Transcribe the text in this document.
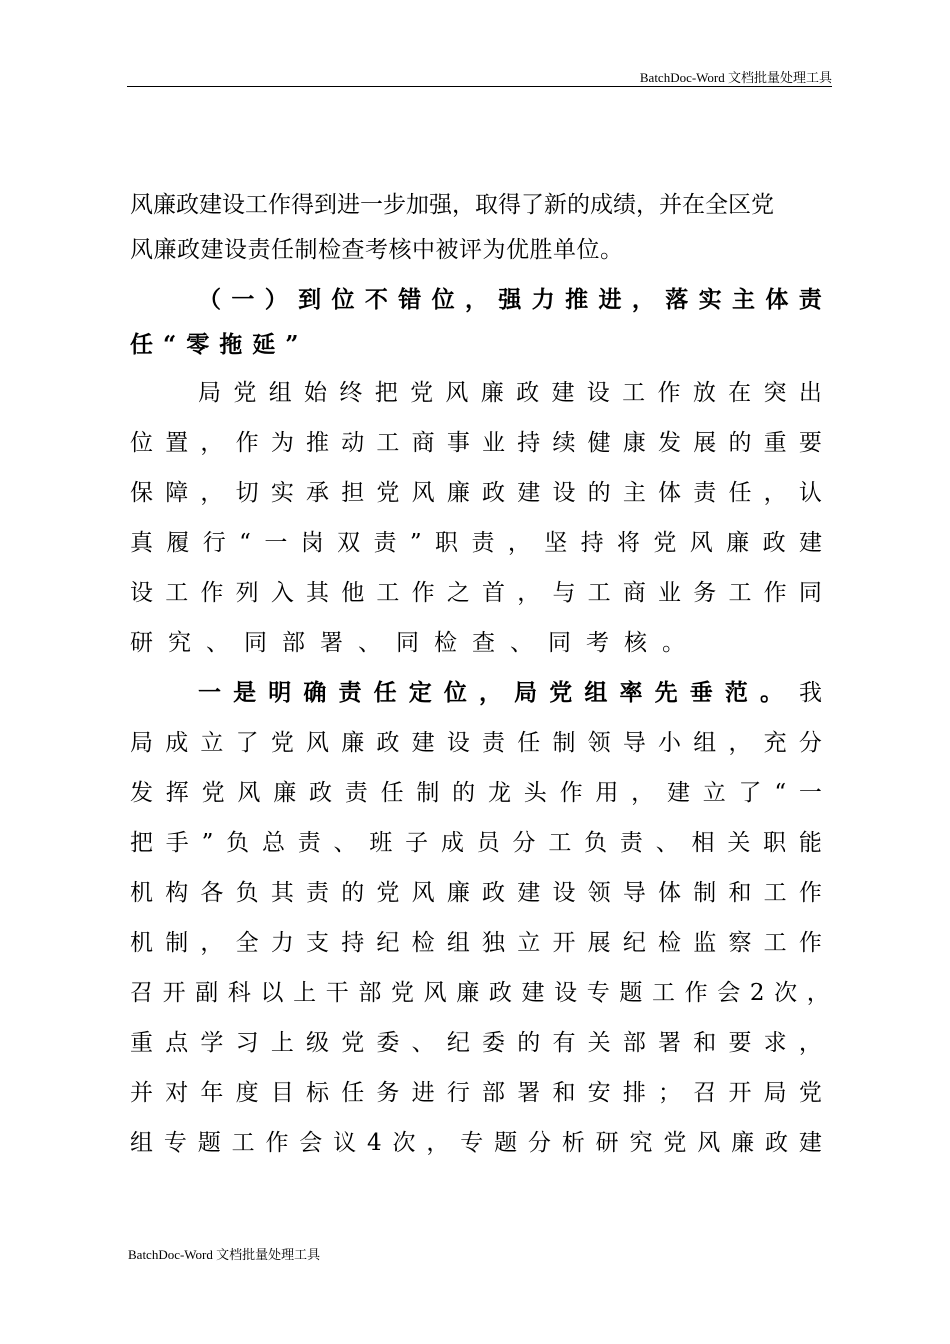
BatchDoc-Word 文档批量处理工具
风廉政建设工作得到进一步加强，取得了新的成绩，并在全区党
风廉政建设责任制检查考核中被评为优胜单位。
（ 一 ） 到 位 不 错 位 ， 强 力 推 进 ， 落 实 主 体 责
任“零拖延”
局 党 组 始 终 把 党 风 廉 政 建 设 工 作 放 在 突 出
位 置 ， 作 为 推 动 工 商 事 业 持 续 健 康 发 展 的 重 要
保 障 ， 切 实 承 担 党 风 廉 政 建 设 的 主 体 责 任 ， 认
真 履 行 “ 一 岗 双 责 ” 职 责 ， 坚 持 将 党 风 廉 政 建
设 工 作 列 入 其 他 工 作 之 首 ， 与 工 商 业 务 工 作 同
研究、同部署、同检查、同考核。
一 是 明 确 责 任 定 位 ， 局 党 组 率 先 垂 范 。 我
局 成 立 了 党 风 廉 政 建 设 责 任 制 领 导 小 组 ， 充 分
发 挥 党 风 廉 政 责 任 制 的 龙 头 作 用 ， 建 立 了 “ 一
把 手 ” 负 总 责 、 班 子 成 员 分 工 负 责 、 相 关 职 能
机 构 各 负 其 责 的 党 风 廉 政 建 设 领 导 体 制 和 工 作
机 制 ， 全 力 支 持 纪 检 组 独 立 开 展 纪 检 监 察 工 作
召 开 副 科 以 上 干 部 党 风 廉 政 建 设 专 题 工 作 会 2 次 ，
重 点 学 习 上 级 党 委 、 纪 委 的 有 关 部 署 和 要 求 ，
并 对 年 度 目 标 任 务 进 行 部 署 和 安 排 ； 召 开 局 党
组 专 题 工 作 会 议 4 次 ， 专 题 分 析 研 究 党 风 廉 政 建
BatchDoc-Word 文档批量处理工具
